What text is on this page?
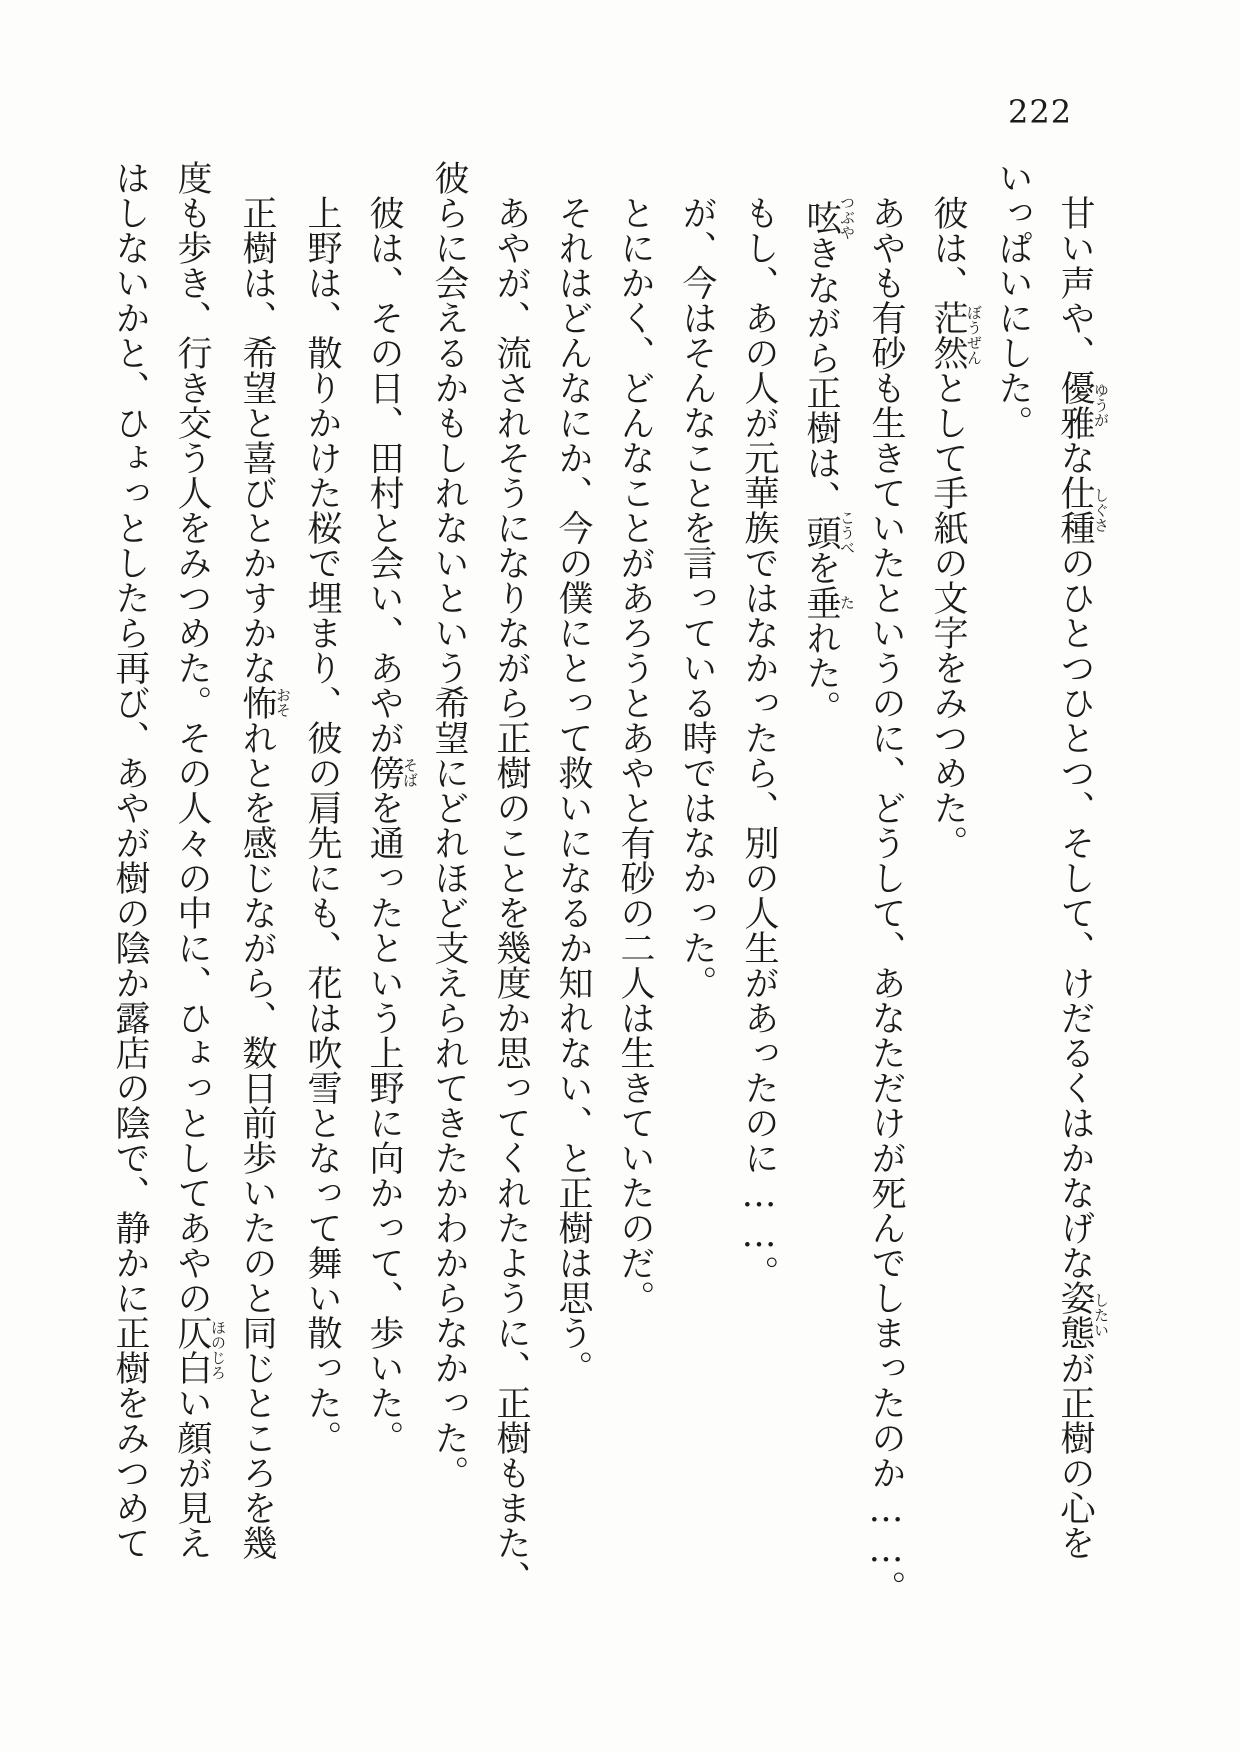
222
甘い声や、優雅ゆうがな仕種しぐさのひとつひとつ、そして、けだるくはかなげな姿態したいが正樹の心を
いっぱいにした。
彼は、茫然ぼうぜんとして手紙の文字をみつめた。
あやも有砂も生きていたというのに、どうして、あなただけが死んでしまったのか……。
呟つぶやきながら正樹は、頭こうべを垂たれた。
もし、あの人が元華族ではなかったら、別の人生があったのに……。
が、今はそんなことを言っている時ではなかった。
とにかく、どんなことがあろうとあやと有砂の二人は生きていたのだ。
それはどんなにか、今の僕にとって救いになるか知れない、と正樹は思う。
あやが、流されそうになりながら正樹のことを幾度か思ってくれたように、正樹もまた、
彼らに会えるかもしれないという希望にどれほど支えられてきたかわからなかった。
彼は、その日、田村と会い、あやが傍そばを通ったという上野に向かって、歩いた。
上野は、散りかけた桜で埋まり、彼の肩先にも、花は吹雪となって舞い散った。
正樹は、希望と喜びとかすかな怖おそれとを感じながら、数日前歩いたのと同じところを幾
度も歩き、行き交う人をみつめた。その人々の中に、ひょっとしてあやの仄白ほのじろい顔が見え
はしないかと、ひょっとしたら再び、あやが樹の陰か露店の陰で、静かに正樹をみつめて
